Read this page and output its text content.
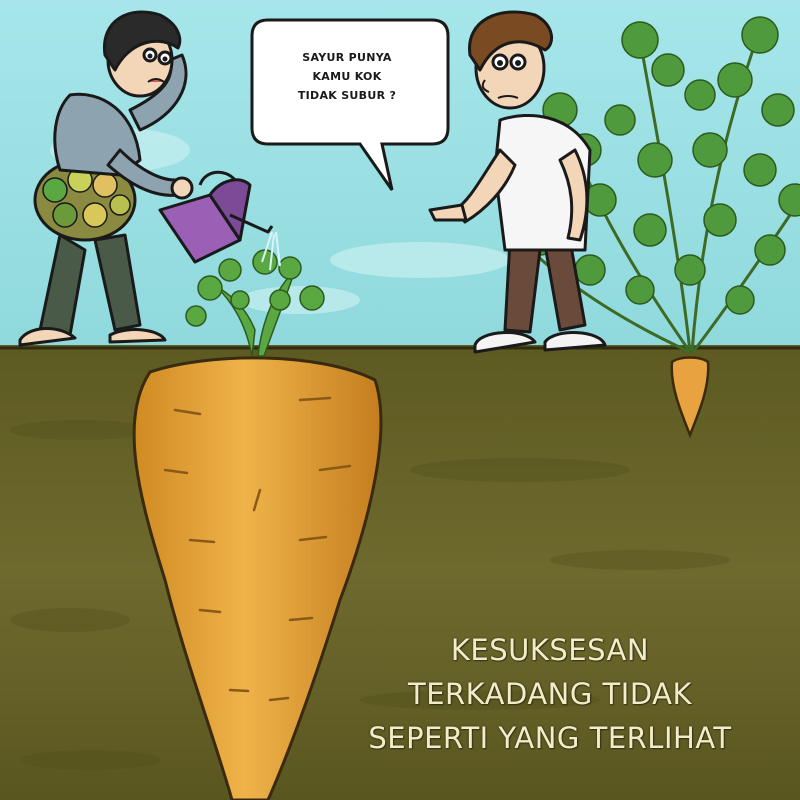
SAYUR PUNYA
KAMU KOK
TIDAK SUBUR ?
KESUKSESAN
TERKADANG TIDAK
SEPERTI YANG TERLIHAT
